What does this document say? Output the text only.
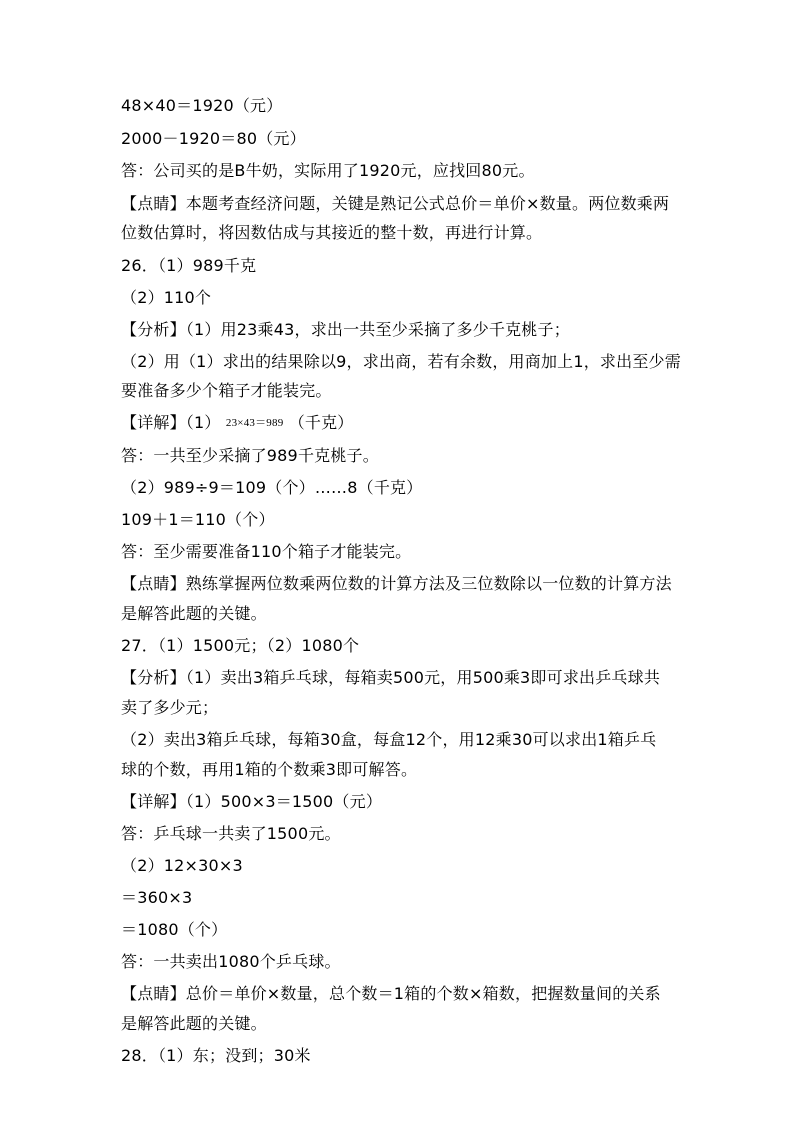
48×40＝1920（元）
2000－1920＝80（元）
答：公司买的是B牛奶，实际用了1920元，应找回80元。
【点睛】本题考查经济问题，关键是熟记公式总价＝单价×数量。两位数乘两
位数估算时，将因数估成与其接近的整十数，再进行计算。
26．（1）989千克
（2）110个
【分析】（1）用23乘43，求出一共至少采摘了多少千克桃子；
（2）用（1）求出的结果除以9，求出商，若有余数，用商加上1，求出至少需
要准备多少个箱子才能装完。
【详解】（1） 23×43＝989 （千克）
答：一共至少采摘了989千克桃子。
（2）989÷9＝109（个）……8（千克）
109＋1＝110（个）
答：至少需要准备110个箱子才能装完。
【点睛】熟练掌握两位数乘两位数的计算方法及三位数除以一位数的计算方法
是解答此题的关键。
27．（1）1500元；（2）1080个
【分析】（1）卖出3箱乒乓球，每箱卖500元，用500乘3即可求出乒乓球共
卖了多少元；
（2）卖出3箱乒乓球，每箱30盒，每盒12个，用12乘30可以求出1箱乒乓
球的个数，再用1箱的个数乘3即可解答。
【详解】（1）500×3＝1500（元）
答：乒乓球一共卖了1500元。
（2）12×30×3
＝360×3
＝1080（个）
答：一共卖出1080个乒乓球。
【点睛】总价＝单价×数量，总个数＝1箱的个数×箱数，把握数量间的关系
是解答此题的关键。
28．（1）东；没到；30米
